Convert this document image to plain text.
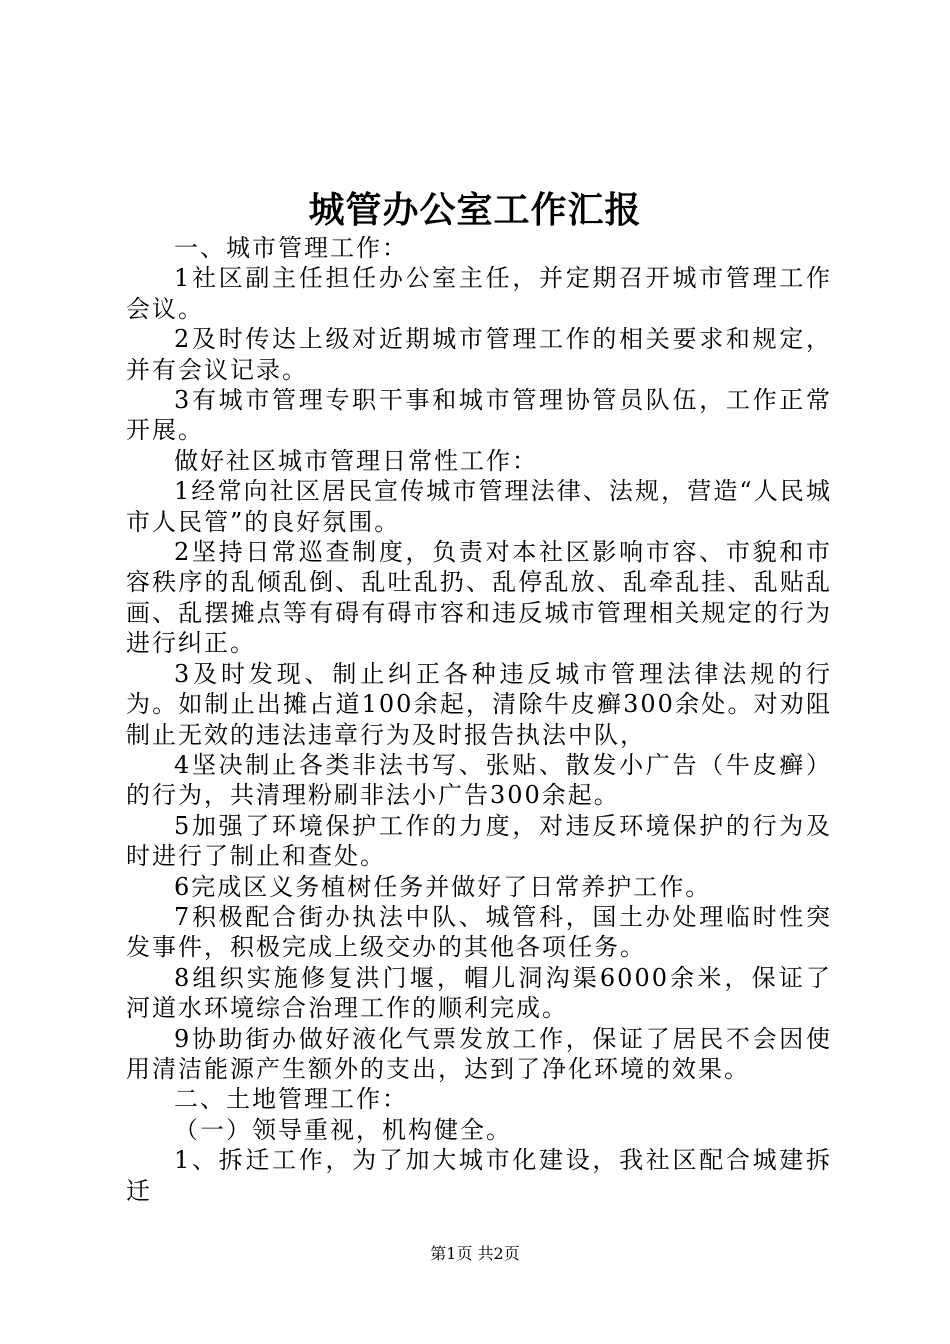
城管办公室工作汇报

一、城市管理工作：

1社区副主任担任办公室主任，并定期召开城市管理工作会议。

2及时传达上级对近期城市管理工作的相关要求和规定，并有会议记录。

3有城市管理专职干事和城市管理协管员队伍，工作正常开展。

做好社区城市管理日常性工作：

1经常向社区居民宣传城市管理法律、法规，营造“人民城市人民管”的良好氛围。

2坚持日常巡查制度，负责对本社区影响市容、市貌和市容秩序的乱倾乱倒、乱吐乱扔、乱停乱放、乱牵乱挂、乱贴乱画、乱摆摊点等有碍有碍市容和违反城市管理相关规定的行为进行纠正。

3及时发现、制止纠正各种违反城市管理法律法规的行为。如制止出摊占道100余起，清除牛皮癣300余处。对劝阻制止无效的违法违章行为及时报告执法中队，

4坚决制止各类非法书写、张贴、散发小广告（牛皮癣）的行为，共清理粉刷非法小广告300余起。

5加强了环境保护工作的力度，对违反环境保护的行为及时进行了制止和查处。

6完成区义务植树任务并做好了日常养护工作。

7积极配合街办执法中队、城管科，国土办处理临时性突发事件，积极完成上级交办的其他各项任务。

8组织实施修复洪门堰，帽儿洞沟渠6000余米，保证了河道水环境综合治理工作的顺利完成。

9协助街办做好液化气票发放工作，保证了居民不会因使用清洁能源产生额外的支出，达到了净化环境的效果。

二、土地管理工作：

（一）领导重视，机构健全。

1、拆迁工作，为了加大城市化建设，我社区配合城建拆迁

第1页 共2页
